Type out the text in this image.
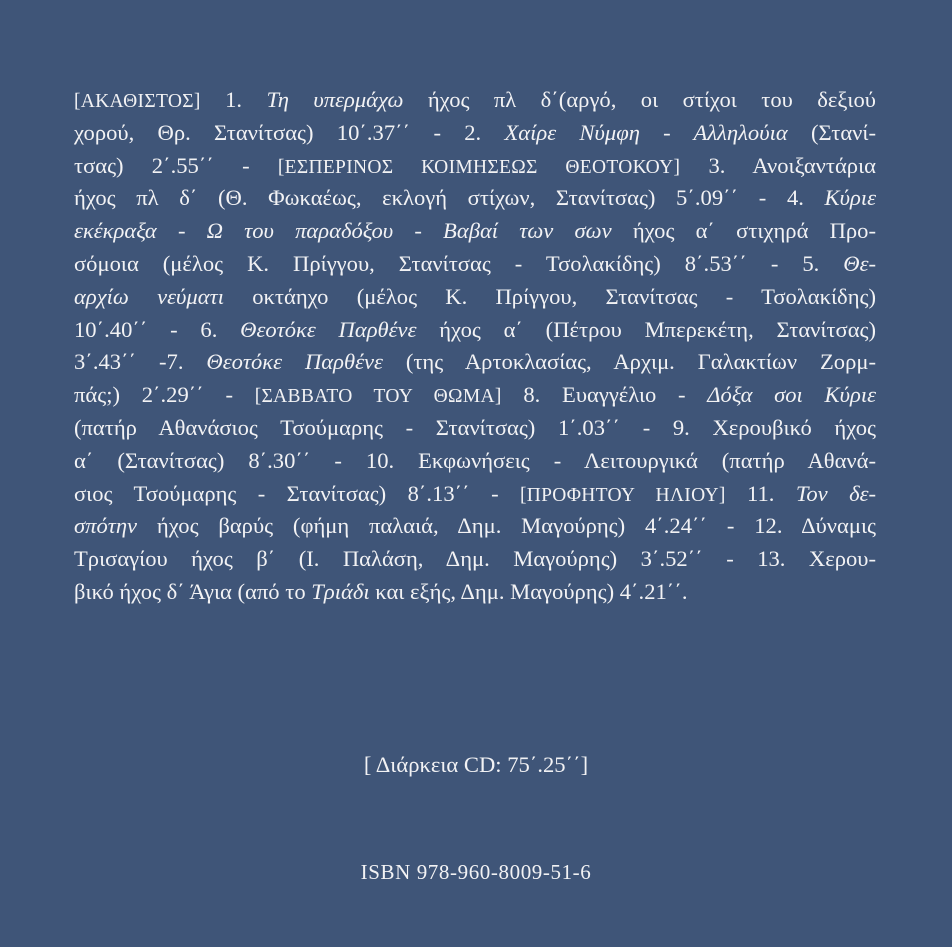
[ΑΚΑΘΙΣΤΟΣ] 1. Τη υπερμάχω ήχος πλ δ΄(αργό, οι στίχοι του δεξιού
χορού, Θρ. Στανίτσας) 10΄.37΄΄ - 2. Χαίρε Νύμφη - Αλληλούια (Στανί-
τσας) 2΄.55΄΄ - [ΕΣΠΕΡΙΝΟΣ ΚΟΙΜΗΣΕΩΣ ΘΕΟΤΟΚΟΥ] 3. Ανοιξαντάρια
ήχος πλ δ΄ (Θ. Φωκαέως, εκλογή στίχων, Στανίτσας) 5΄.09΄΄ - 4. Κύριε
εκέκραξα - Ω του παραδόξου - Βαβαί των σων ήχος α΄ στιχηρά Προ-
σόμοια (μέλος Κ. Πρίγγου, Στανίτσας - Τσολακίδης) 8΄.53΄΄ - 5. Θε-
αρχίω νεύματι οκτάηχο (μέλος Κ. Πρίγγου, Στανίτσας - Τσολακίδης)
10΄.40΄΄ - 6. Θεοτόκε Παρθένε ήχος α΄ (Πέτρου Μπερεκέτη, Στανίτσας)
3΄.43΄΄ -7. Θεοτόκε Παρθένε (της Αρτοκλασίας, Αρχιμ. Γαλακτίων Ζορμ-
πάς;) 2΄.29΄΄ - [ΣΑΒΒΑΤΟ ΤΟΥ ΘΩΜΑ] 8. Ευαγγέλιο - Δόξα σοι Κύριε
(πατήρ Αθανάσιος Τσούμαρης - Στανίτσας) 1΄.03΄΄ - 9. Χερουβικό ήχος
α΄ (Στανίτσας) 8΄.30΄΄ - 10. Εκφωνήσεις - Λειτουργικά (πατήρ Αθανά-
σιος Τσούμαρης - Στανίτσας) 8΄.13΄΄ - [ΠΡΟΦΗΤΟΥ ΗΛΙΟΥ] 11. Τον δε-
σπότην ήχος βαρύς (φήμη παλαιά, Δημ. Μαγούρης) 4΄.24΄΄ - 12. Δύναμις
Τρισαγίου ήχος β΄ (Ι. Παλάση, Δημ. Μαγούρης) 3΄.52΄΄ - 13. Χερου-
βικό ήχος δ΄ Άγια (από το Τριάδι και εξής, Δημ. Μαγούρης) 4΄.21΄΄.

[ Διάρκεια CD: 75΄.25΄΄]

ISBN 978-960-8009-51-6
